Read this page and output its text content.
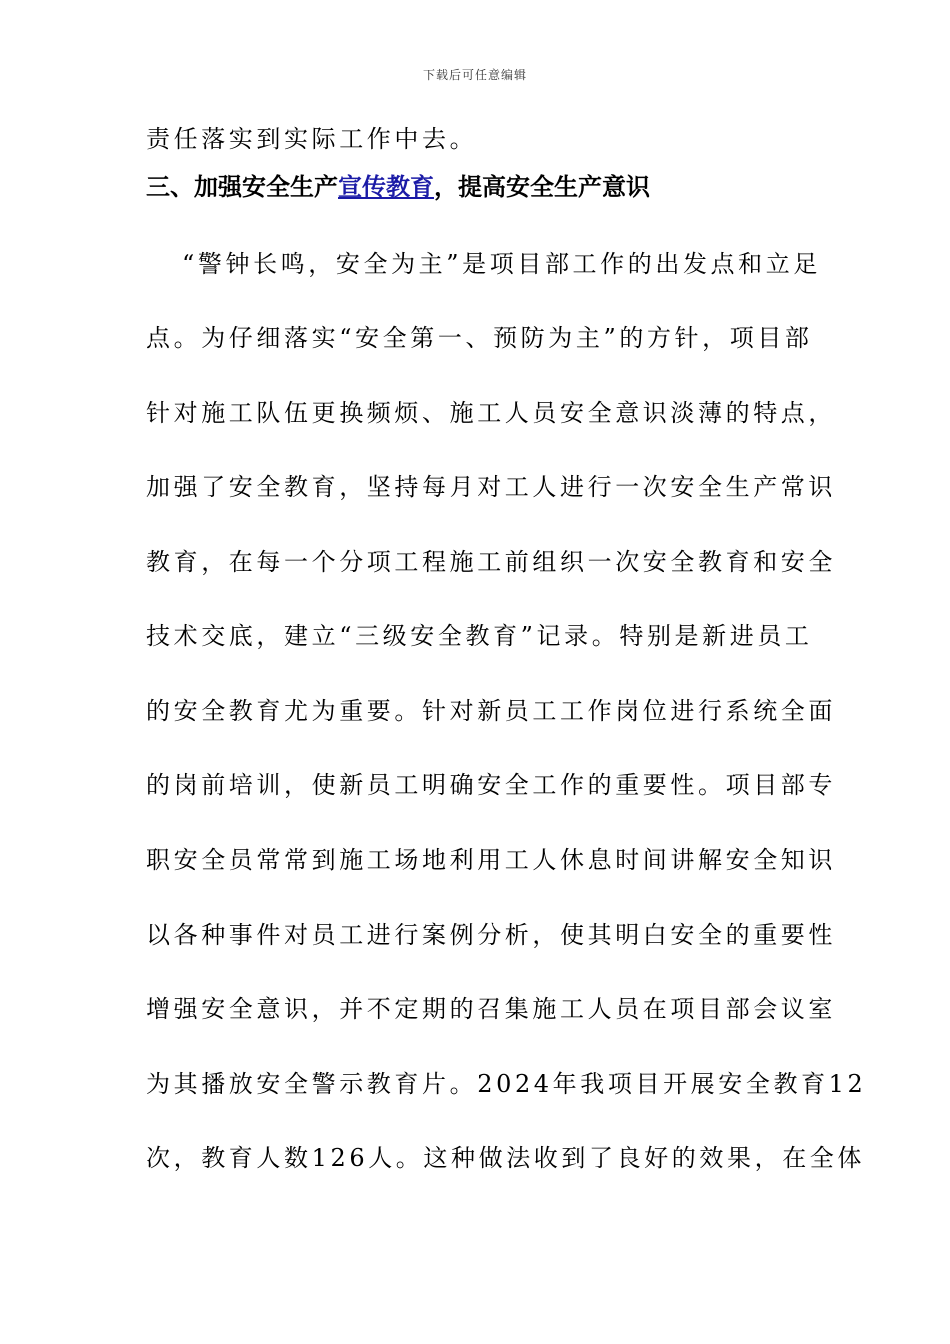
下载后可任意编辑
责任落实到实际工作中去。
三、加强安全生产宣传教育，提高安全生产意识
“警钟长鸣，安全为主”是项目部工作的出发点和立足
点。为仔细落实“安全第一、预防为主”的方针，项目部
针对施工队伍更换频烦、施工人员安全意识淡薄的特点，
加强了安全教育，坚持每月对工人进行一次安全生产常识
教育，在每一个分项工程施工前组织一次安全教育和安全
技术交底，建立“三级安全教育”记录。特别是新进员工
的安全教育尤为重要。针对新员工工作岗位进行系统全面
的岗前培训，使新员工明确安全工作的重要性。项目部专
职安全员常常到施工场地利用工人休息时间讲解安全知识
以各种事件对员工进行案例分析，使其明白安全的重要性
增强安全意识，并不定期的召集施工人员在项目部会议室
为其播放安全警示教育片。2024年我项目开展安全教育12
次，教育人数126人。这种做法收到了良好的效果，在全体
